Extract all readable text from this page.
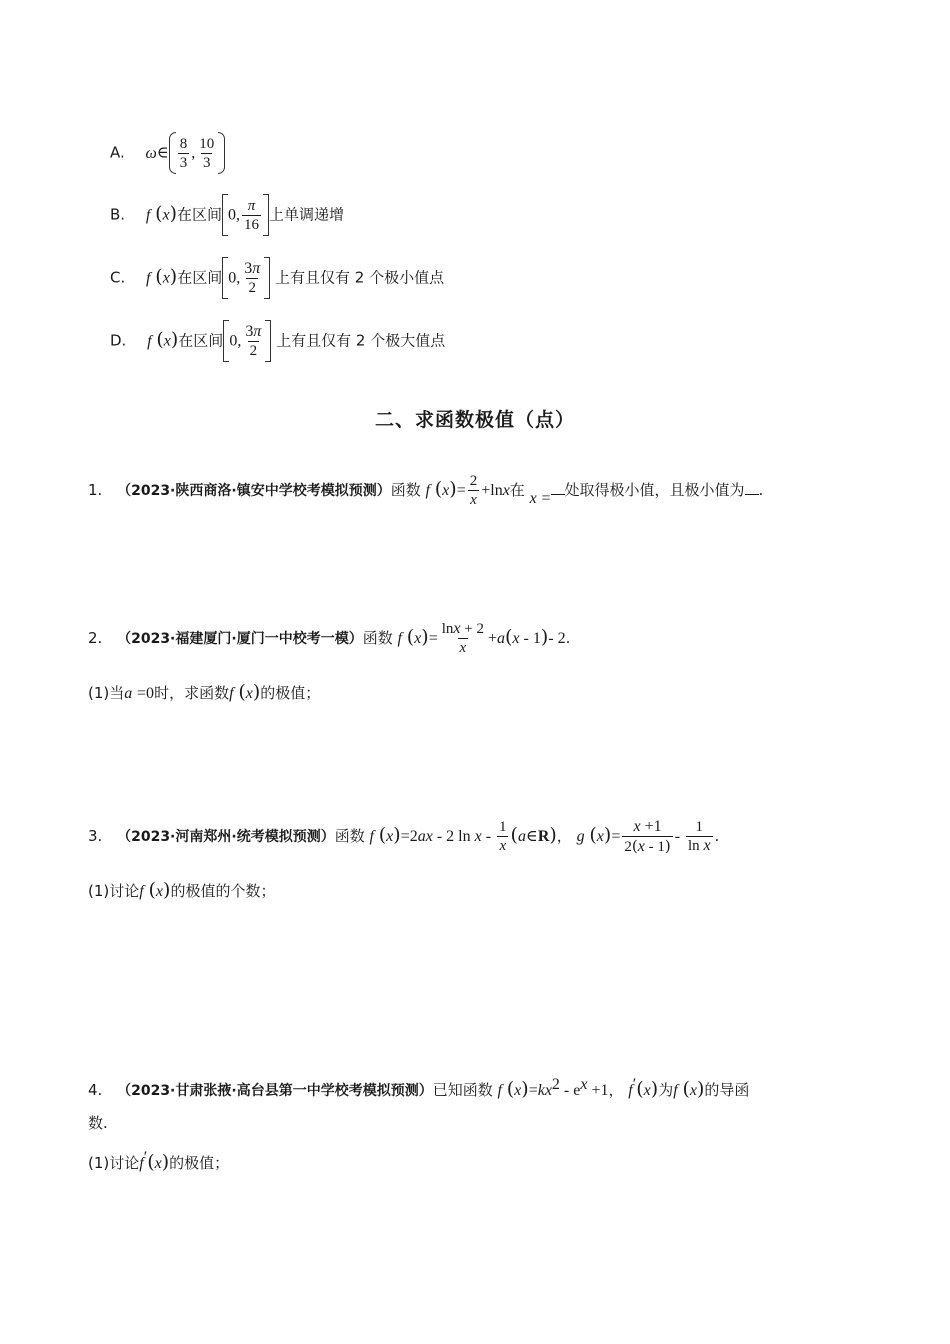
A. ω∈ $\frac{8}{3}$ , $\frac{10}{3}$
B. f (x)在区间 0, $\frac{\pi}{16}$ 上单调递增
C. f (x)在区间 0, $\frac{3\pi}{2}$ 上有且仅有 2 个极小值点
D. f (x)在区间 0, $\frac{3\pi}{2}$ 上有且仅有 2 个极大值点
二、求函数极值（点）
1. （2023·陕西商洛·镇安中学校考模拟预测）函数 f $(x)= \frac{2}{x} +\ln x$在 x = 处取得极小值，且极小值为 .
2. （2023·福建厦门·厦门一中校考一模）函数 f $(x)= \frac{\ln x + 2}{x} +a(x - 1)-$ 2.
(1)当a =0时，求函数f (x)的极值；
3. （2023·河南郑州·统考模拟预测）函数 f (x)=2ax - 2 ln x - $\frac{1}{x}$ (a∈R)， g $(x)= \frac{x +1}{2(x - 1)} - \frac{1}{\text{ln x}}$ .
(1)讨论f (x)的极值的个数；
4. （2023·甘肃张掖·高台县第一中学校考模拟预测）已知函数 f $(x)=kx^2 - e^x +1$， f′(x)为f (x)的导函
数.
(1)讨论f′(x)的极值；
